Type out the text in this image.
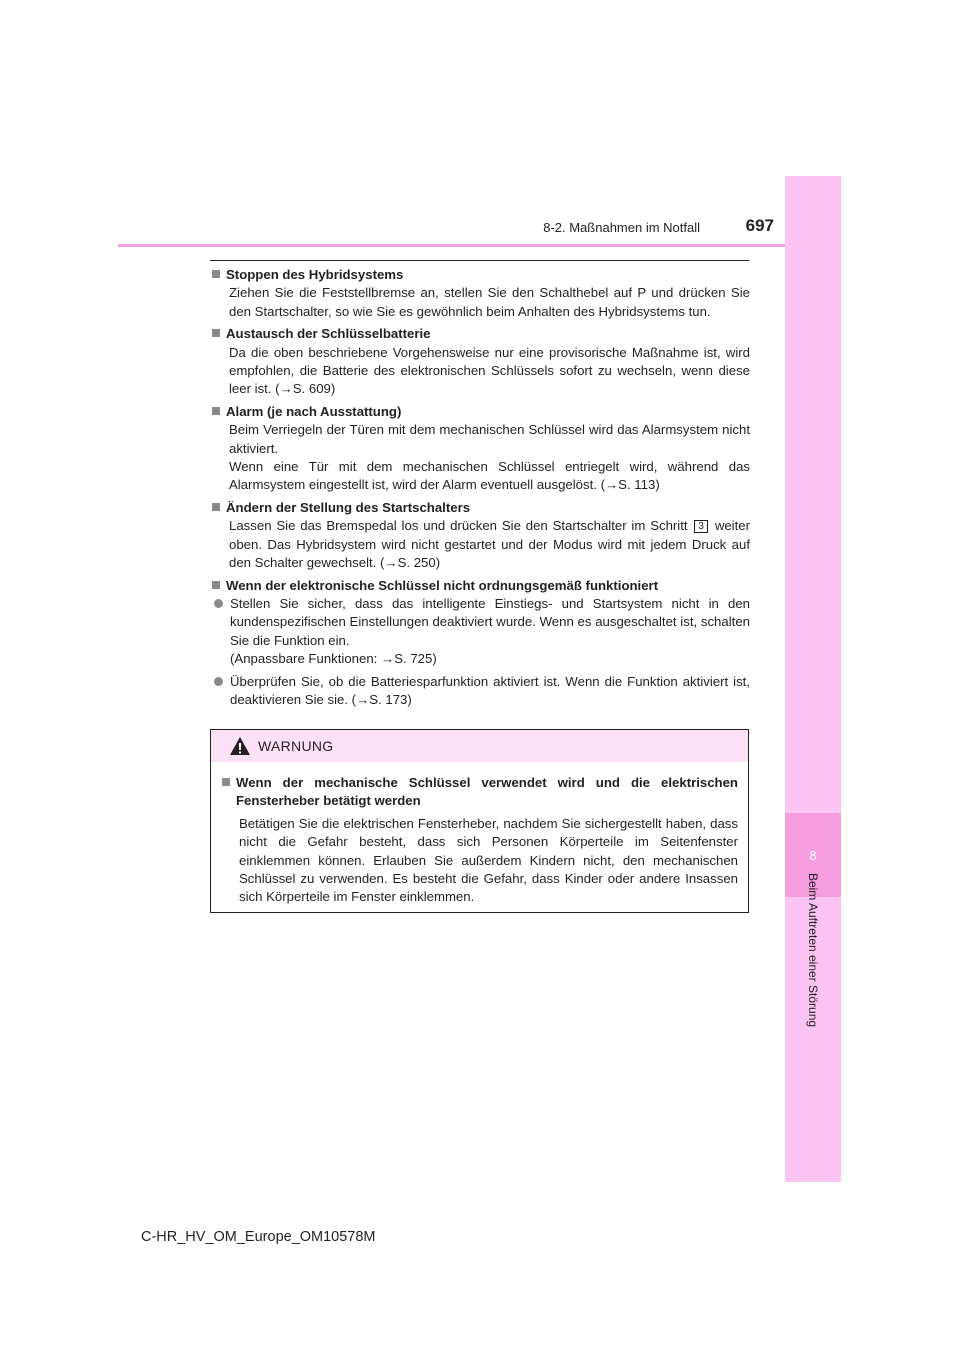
8
Beim Auftreten einer Störung
8-2. Maßnahmen im Notfall	697
Stoppen des Hybridsystems
Ziehen Sie die Feststellbremse an, stellen Sie den Schalthebel auf P und drücken Sie den Startschalter, so wie Sie es gewöhnlich beim Anhalten des Hybridsystems tun.
Austausch der Schlüsselbatterie
Da die oben beschriebene Vorgehensweise nur eine provisorische Maßnahme ist, wird empfohlen, die Batterie des elektronischen Schlüssels sofort zu wechseln, wenn diese leer ist. (→S. 609)
Alarm (je nach Ausstattung)
Beim Verriegeln der Türen mit dem mechanischen Schlüssel wird das Alarmsystem nicht aktiviert.
Wenn eine Tür mit dem mechanischen Schlüssel entriegelt wird, während das Alarmsystem eingestellt ist, wird der Alarm eventuell ausgelöst. (→S. 113)
Ändern der Stellung des Startschalters
Lassen Sie das Bremspedal los und drücken Sie den Startschalter im Schritt 3 weiter oben. Das Hybridsystem wird nicht gestartet und der Modus wird mit jedem Druck auf den Schalter gewechselt. (→S. 250)
Wenn der elektronische Schlüssel nicht ordnungsgemäß funktioniert
Stellen Sie sicher, dass das intelligente Einstiegs- und Startsystem nicht in den kundenspezifischen Einstellungen deaktiviert wurde. Wenn es ausgeschaltet ist, schalten Sie die Funktion ein.
(Anpassbare Funktionen: →S. 725)
Überprüfen Sie, ob die Batteriesparfunktion aktiviert ist. Wenn die Funktion aktiviert ist, deaktivieren Sie sie. (→S. 173)
WARNUNG
Wenn der mechanische Schlüssel verwendet wird und die elektrischen Fensterheber betätigt werden
Betätigen Sie die elektrischen Fensterheber, nachdem Sie sichergestellt haben, dass nicht die Gefahr besteht, dass sich Personen Körperteile im Seitenfenster einklemmen können. Erlauben Sie außerdem Kindern nicht, den mechanischen Schlüssel zu verwenden. Es besteht die Gefahr, dass Kinder oder andere Insassen sich Körperteile im Fenster einklemmen.
C-HR_HV_OM_Europe_OM10578M
